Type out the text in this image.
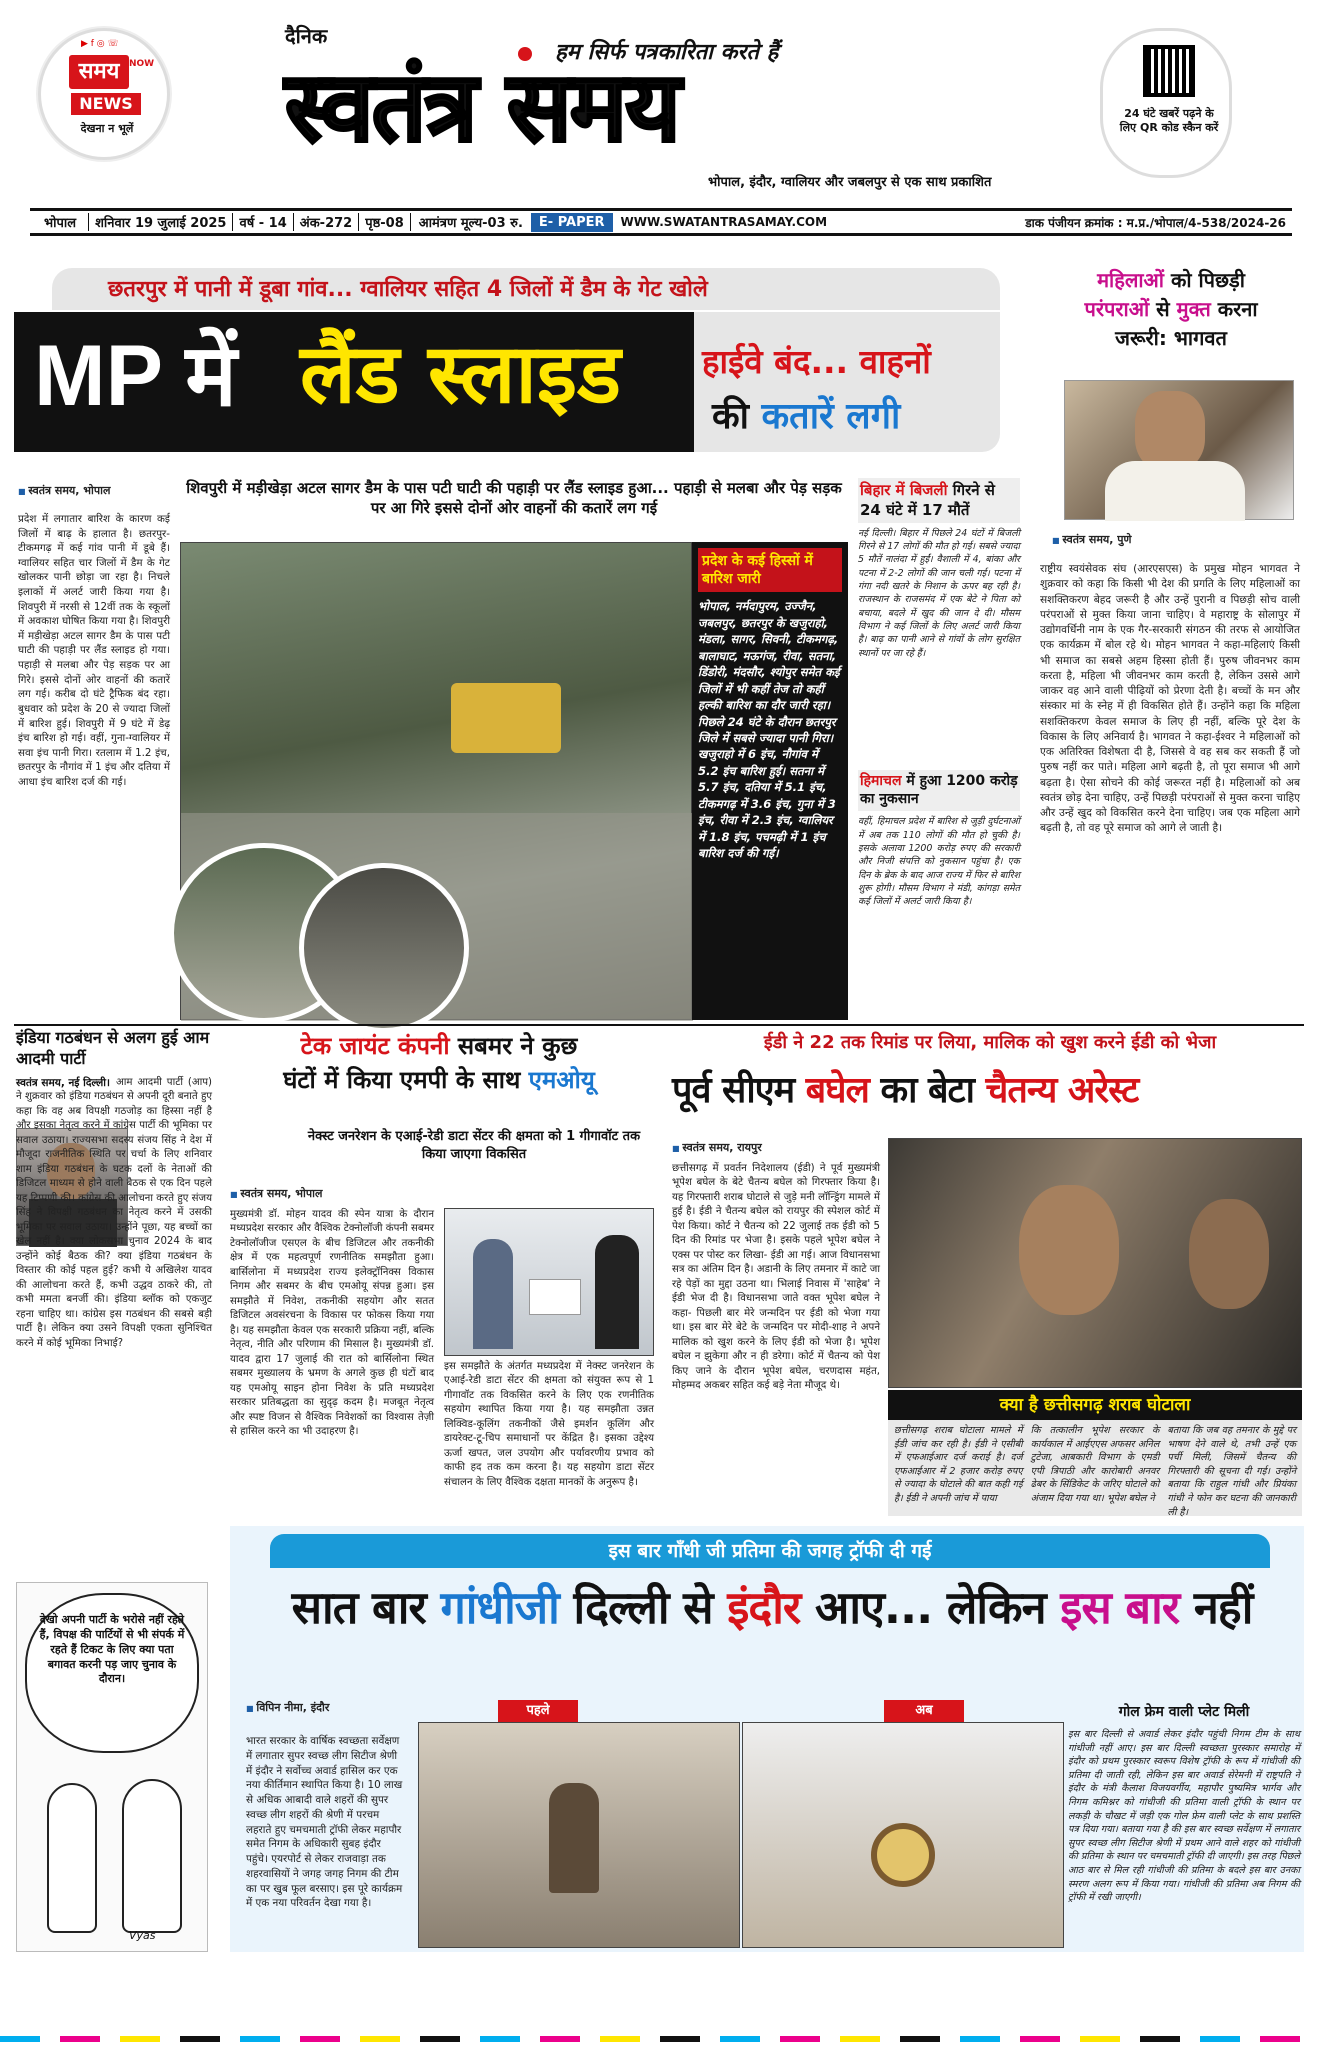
▶ f ◎ ☏
समय	NOW
NEWS
देखना न भूलें
दैनिक
हम सिर्फ पत्रकारिता करते हैं
स्वतंत्र समय
भोपाल, इंदौर, ग्वालियर और जबलपुर से एक साथ प्रकाशित
24 घंटे खबरें पढ़ने के लिए QR कोड स्कैन करें
भोपाल	शनिवार 19 जुलाई 2025	वर्ष - 14	अंक-272	पृष्ठ-08	आमंत्रण मूल्य-03 रु.	E- PAPER	WWW.SWATANTRASAMAY.COM	डाक पंजीयन क्रमांक : म.प्र./भोपाल/4-538/2024-26
छतरपुर में पानी में डूबा गांव... ग्वालियर सहित 4 जिलों में डैम के गेट खोले
MP में लैंड स्लाइड हाईवे बंद... वाहनों
की कतारें लगी
■ स्वतंत्र समय, भोपाल
प्रदेश में लगातार बारिश के कारण कई जिलों में बाढ़ के हालात है। छतरपुर-टीकमगढ़ में कई गांव पानी में डूबे हैं। ग्वालियर सहित चार जिलों में डैम के गेट खोलकर पानी छोड़ा जा रहा है। निचले इलाकों में अलर्ट जारी किया गया है। शिवपुरी में नरसी से 12वीं तक के स्कूलों में अवकाश घोषित किया गया है। शिवपुरी में मड़ीखेड़ा अटल सागर डैम के पास पटी घाटी की पहाड़ी पर लैंड स्लाइड हो गया। पहाड़ी से मलबा और पेड़ सड़क पर आ गिरे। इससे दोनों ओर वाहनों की कतारें लग गई। करीब दो घंटे ट्रैफिक बंद रहा। बुधवार को प्रदेश के 20 से ज्यादा जिलों में बारिश हुई। शिवपुरी में 9 घंटे में डेढ़ इंच बारिश हो गई। वहीं, गुना-ग्वालियर में सवा इंच पानी गिरा। रतलाम में 1.2 इंच, छतरपुर के नौगांव में 1 इंच और दतिया में आधा इंच बारिश दर्ज की गई।
शिवपुरी में मड़ीखेड़ा अटल सागर डैम के पास पटी घाटी की पहाड़ी पर लैंड स्लाइड हुआ... पहाड़ी से मलबा और पेड़ सड़क पर आ गिरे इससे दोनों ओर वाहनों की कतारें लग गई
प्रदेश के कई हिस्सों में बारिश जारी
भोपाल, नर्मदापुरम, उज्जैन, जबलपुर, छतरपुर के खजुराहो, मंडला, सागर, सिवनी, टीकमगढ़, बालाघाट, मऊगंज, रीवा, सतना, डिंडोरी, मंदसौर, श्योपुर समेत कई जिलों में भी कहीं तेज तो कहीं हल्की बारिश का दौर जारी रहा। पिछले 24 घंटे के दौरान छतरपुर जिले में सबसे ज्यादा पानी गिरा। खजुराहो में 6 इंच, नौगांव में 5.2 इंच बारिश हुई। सतना में 5.7 इंच, दतिया में 5.1 इंच, टीकमगढ़ में 3.6 इंच, गुना में 3 इंच, रीवा में 2.3 इंच, ग्वालियर में 1.8 इंच, पचमढ़ी में 1 इंच बारिश दर्ज की गई।
बिहार में बिजली गिरने से 24 घंटे में 17 मौतें
नई दिल्ली। बिहार में पिछले 24 घंटों में बिजली गिरने से 17 लोगों की मौत हो गई। सबसे ज्यादा 5 मौतें नालंदा में हुईं। वैशाली में 4, बांका और पटना में 2-2 लोगों की जान चली गई। पटना में गंगा नदी खतरे के निशान के ऊपर बह रही है। राजस्थान के राजसमंद में एक बेटे ने पिता को बचाया, बदले में खुद की जान दे दी। मौसम विभाग ने कई जिलों के लिए अलर्ट जारी किया है। बाढ़ का पानी आने से गांवों के लोग सुरक्षित स्थानों पर जा रहे हैं।
हिमाचल में हुआ 1200 करोड़ का नुकसान
वहीं, हिमाचल प्रदेश में बारिश से जुड़ी दुर्घटनाओं में अब तक 110 लोगों की मौत हो चुकी है। इसके अलावा 1200 करोड़ रुपए की सरकारी और निजी संपत्ति को नुकसान पहुंचा है। एक दिन के ब्रेक के बाद आज राज्य में फिर से बारिश शुरू होगी। मौसम विभाग ने मंडी, कांगड़ा समेत कई जिलों में अलर्ट जारी किया है।
महिलाओं को पिछड़ी
परंपराओं से मुक्त करना
जरूरी: भागवत
■ स्वतंत्र समय, पुणे
राष्ट्रीय स्वयंसेवक संघ (आरएसएस) के प्रमुख मोहन भागवत ने शुक्रवार को कहा कि किसी भी देश की प्रगति के लिए महिलाओं का सशक्तिकरण बेहद जरूरी है और उन्हें पुरानी व पिछड़ी सोच वाली परंपराओं से मुक्त किया जाना चाहिए। वे महाराष्ट्र के सोलापुर में उद्योगवर्धिनी नाम के एक गैर-सरकारी संगठन की तरफ से आयोजित एक कार्यक्रम में बोल रहे थे। मोहन भागवत ने कहा-महिलाएं किसी भी समाज का सबसे अहम हिस्सा होती हैं। पुरुष जीवनभर काम करता है, महिला भी जीवनभर काम करती है, लेकिन उससे आगे जाकर वह आने वाली पीढ़ियों को प्रेरणा देती है। बच्चों के मन और संस्कार मां के स्नेह में ही विकसित होते हैं। उन्होंने कहा कि महिला सशक्तिकरण केवल समाज के लिए ही नहीं, बल्कि पूरे देश के विकास के लिए अनिवार्य है। भागवत ने कहा-ईश्वर ने महिलाओं को एक अतिरिक्त विशेषता दी है, जिससे वे वह सब कर सकती हैं जो पुरुष नहीं कर पाते। महिला आगे बढ़ती है, तो पूरा समाज भी आगे बढ़ता है। ऐसा सोचने की कोई जरूरत नहीं है। महिलाओं को अब स्वतंत्र छोड़ देना चाहिए, उन्हें पिछड़ी परंपराओं से मुक्त करना चाहिए और उन्हें खुद को विकसित करने देना चाहिए। जब एक महिला आगे बढ़ती है, तो वह पूरे समाज को आगे ले जाती है।
इंडिया गठबंधन से अलग हुई आम आदमी पार्टी
स्वतंत्र समय, नई दिल्ली। आम आदमी पार्टी (आप) ने शुक्रवार को इंडिया गठबंधन से अपनी दूरी बनाते हुए कहा कि वह अब विपक्षी गठजोड़ का हिस्सा नहीं है और इसका नेतृत्व करने में कांग्रेस पार्टी की भूमिका पर सवाल उठाया। राज्यसभा सदस्य संजय सिंह ने देश में मौजूदा राजनीतिक स्थिति पर चर्चा के लिए शनिवार शाम इंडिया गठबंधन के घटक दलों के नेताओं की डिजिटल माध्यम से होने वाली बैठक से एक दिन पहले यह टिप्पणी की। कांग्रेस की आलोचना करते हुए संजय सिंह ने विपक्षी गठबंधन का नेतृत्व करने में उसकी भूमिका पर सवाल उठाया। उन्होंने पूछा, यह बच्चों का खेल नहीं है। क्या लोकसभा चुनाव 2024 के बाद उन्होंने कोई बैठक की? क्या इंडिया गठबंधन के विस्तार की कोई पहल हुई? कभी ये अखिलेश यादव की आलोचना करते हैं, कभी उद्धव ठाकरे की, तो कभी ममता बनर्जी की। इंडिया ब्लॉक को एकजुट रहना चाहिए था। कांग्रेस इस गठबंधन की सबसे बड़ी पार्टी है। लेकिन क्या उसने विपक्षी एकता सुनिश्चित करने में कोई भूमिका निभाई?
देखो अपनी पार्टी के भरोसे नहीं रहते हैं, विपक्ष की पार्टियों से भी संपर्क में रहते हैं टिकट के लिए क्या पता बगावत करनी पड़ जाए चुनाव के दौरान।
Vyas
टेक जायंट कंपनी सबमर ने कुछ
घंटों में किया एमपी के साथ एमओयू
नेक्स्ट जनरेशन के एआई-रेडी डाटा सेंटर की क्षमता को 1 गीगावॉट तक किया जाएगा विकसित
■ स्वतंत्र समय, भोपाल
मुख्यमंत्री डॉ. मोहन यादव की स्पेन यात्रा के दौरान मध्यप्रदेश सरकार और वैश्विक टेक्नोलॉजी कंपनी सबमर टेक्नोलॉजीज एसएल के बीच डिजिटल और तकनीकी क्षेत्र में एक महत्वपूर्ण रणनीतिक समझौता हुआ। बार्सिलोना में मध्यप्रदेश राज्य इलेक्ट्रॉनिक्स विकास निगम और सबमर के बीच एमओयू संपन्न हुआ। इस समझौते में निवेश, तकनीकी सहयोग और सतत डिजिटल अवसंरचना के विकास पर फोकस किया गया है। यह समझौता केवल एक सरकारी प्रक्रिया नहीं, बल्कि नेतृत्व, नीति और परिणाम की मिसाल है। मुख्यमंत्री डॉ. यादव द्वारा 17 जुलाई की रात को बार्सिलोना स्थित सबमर मुख्यालय के भ्रमण के अगले कुछ ही घंटों बाद यह एमओयू साइन होना निवेश के प्रति मध्यप्रदेश सरकार प्रतिबद्धता का सुदृढ़ कदम है। मजबूत नेतृत्व और स्पष्ट विजन से वैश्विक निवेशकों का विश्वास तेज़ी से हासिल करने का भी उदाहरण है।
इस समझौते के अंतर्गत मध्यप्रदेश में नेक्स्ट जनरेशन के एआई-रेडी डाटा सेंटर की क्षमता को संयुक्त रूप से 1 गीगावॉट तक विकसित करने के लिए एक रणनीतिक सहयोग स्थापित किया गया है। यह समझौता उन्नत लिक्विड-कूलिंग तकनीकों जैसे इमर्शन कूलिंग और डायरेक्ट-टू-चिप समाधानों पर केंद्रित है। इसका उद्देश्य ऊर्जा खपत, जल उपयोग और पर्यावरणीय प्रभाव को काफी हद तक कम करना है। यह सहयोग डाटा सेंटर संचालन के लिए वैश्विक दक्षता मानकों के अनुरूप है।
ईडी ने 22 तक रिमांड पर लिया, मालिक को खुश करने ईडी को भेजा
पूर्व सीएम बघेल का बेटा चैतन्य अरेस्ट
■ स्वतंत्र समय, रायपुर
छत्तीसगढ़ में प्रवर्तन निदेशालय (ईडी) ने पूर्व मुख्यमंत्री भूपेश बघेल के बेटे चैतन्य बघेल को गिरफ्तार किया है। यह गिरफ्तारी शराब घोटाले से जुड़े मनी लॉन्ड्रिंग मामले में हुई है। ईडी ने चैतन्य बघेल को रायपुर की स्पेशल कोर्ट में पेश किया। कोर्ट ने चैतन्य को 22 जुलाई तक ईडी को 5 दिन की रिमांड पर भेजा है। इसके पहले भूपेश बघेल ने एक्स पर पोस्ट कर लिखा- ईडी आ गई। आज विधानसभा सत्र का अंतिम दिन है। अडानी के लिए तमनार में काटे जा रहे पेड़ों का मुद्दा उठना था। भिलाई निवास में 'साहेब' ने ईडी भेज दी है। विधानसभा जाते वक्त भूपेश बघेल ने कहा- पिछली बार मेरे जन्मदिन पर ईडी को भेजा गया था। इस बार मेरे बेटे के जन्मदिन पर मोदी-शाह ने अपने मालिक को खुश करने के लिए ईडी को भेजा है। भूपेश बघेल न झुकेगा और न ही डरेगा। कोर्ट में चैतन्य को पेश किए जाने के दौरान भूपेश बघेल, चरणदास महंत, मोहम्मद अकबर सहित कई बड़े नेता मौजूद थे।
क्या है छत्तीसगढ़ शराब घोटाला
छत्तीसगढ़ शराब घोटाला मामले में ईडी जांच कर रही है। ईडी ने एसीबी में एफआईआर दर्ज कराई है। दर्ज एफआईआर में 2 हजार करोड़ रुपए से ज्यादा के घोटाले की बात कही गई है। ईडी ने अपनी जांच में पाया
कि तत्कालीन भूपेश सरकार के कार्यकाल में आईएएस अफसर अनिल टुटेजा, आबकारी विभाग के एमडी एपी त्रिपाठी और कारोबारी अनवर ढेबर के सिंडिकेट के जरिए घोटाले को अंजाम दिया गया था। भूपेश बघेल ने
बताया कि जब वह तमनार के मुद्दे पर भाषण देने वाले थे, तभी उन्हें एक पर्ची मिली, जिसमें चैतन्य की गिरफ्तारी की सूचना दी गई। उन्होंने बताया कि राहुल गांधी और प्रियंका गांधी ने फोन कर घटना की जानकारी ली है।
इस बार गाँधी जी प्रतिमा की जगह ट्रॉफी दी गई
सात बार गांधीजी दिल्ली से इंदौर आए... लेकिन इस बार नहीं
■ विपिन नीमा, इंदौर
भारत सरकार के वार्षिक स्वच्छता सर्वेक्षण में लगातार सुपर स्वच्छ लीग सिटीज श्रेणी में इंदौर ने सर्वोच्च अवार्ड हासिल कर एक नया कीर्तिमान स्थापित किया है। 10 लाख से अधिक आबादी वाले शहरों की सुपर स्वच्छ लीग शहरों की श्रेणी में परचम लहराते हुए चमचमाती ट्रॉफी लेकर महापौर समेत निगम के अधिकारी सुबह इंदौर पहुंचे। एयरपोर्ट से लेकर राजवाड़ा तक शहरवासियों ने जगह जगह निगम की टीम का पर खुब फूल बरसाए। इस पूरे कार्यक्रम में एक नया परिवर्तन देखा गया है।
पहले	अब	गोल फ्रेम वाली प्लेट मिली
इस बार दिल्ली से अवार्ड लेकर इंदौर पहुंची निगम टीम के साथ गांधीजी नहीं आए। इस बार दिल्ली स्वच्छता पुरस्कार समारोह में इंदौर को प्रथम पुरस्कार स्वरूप विशेष ट्रॉफी के रूप में गांधीजी की प्रतिमा दी जाती रही, लेकिन इस बार अवार्ड सेरेमनी में राष्ट्रपति ने इंदौर के मंत्री कैलाश विजयवर्गीय, महापौर पुष्यमित्र भार्गव और निगम कमिश्नर को गांधीजी की प्रतिमा वाली ट्रॉफी के स्थान पर लकड़ी के चौखट में जड़ी एक गोल फ्रेम वाली प्लेट के साथ प्रशस्ति पत्र दिया गया। बताया गया है की इस बार स्वच्छ सर्वेक्षण में लगातार सुपर स्वच्छ लीग सिटीज श्रेणी में प्रथम आने वाले शहर को गांधीजी की प्रतिमा के स्थान पर चमचमाती ट्रॉफी दी जाएगी। इस तरह पिछले आठ बार से मिल रही गांधीजी की प्रतिमा के बदले इस बार उनका स्मरण अलग रूप में किया गया। गांधीजी की प्रतिमा अब निगम की ट्रॉफी में रखी जाएगी।
